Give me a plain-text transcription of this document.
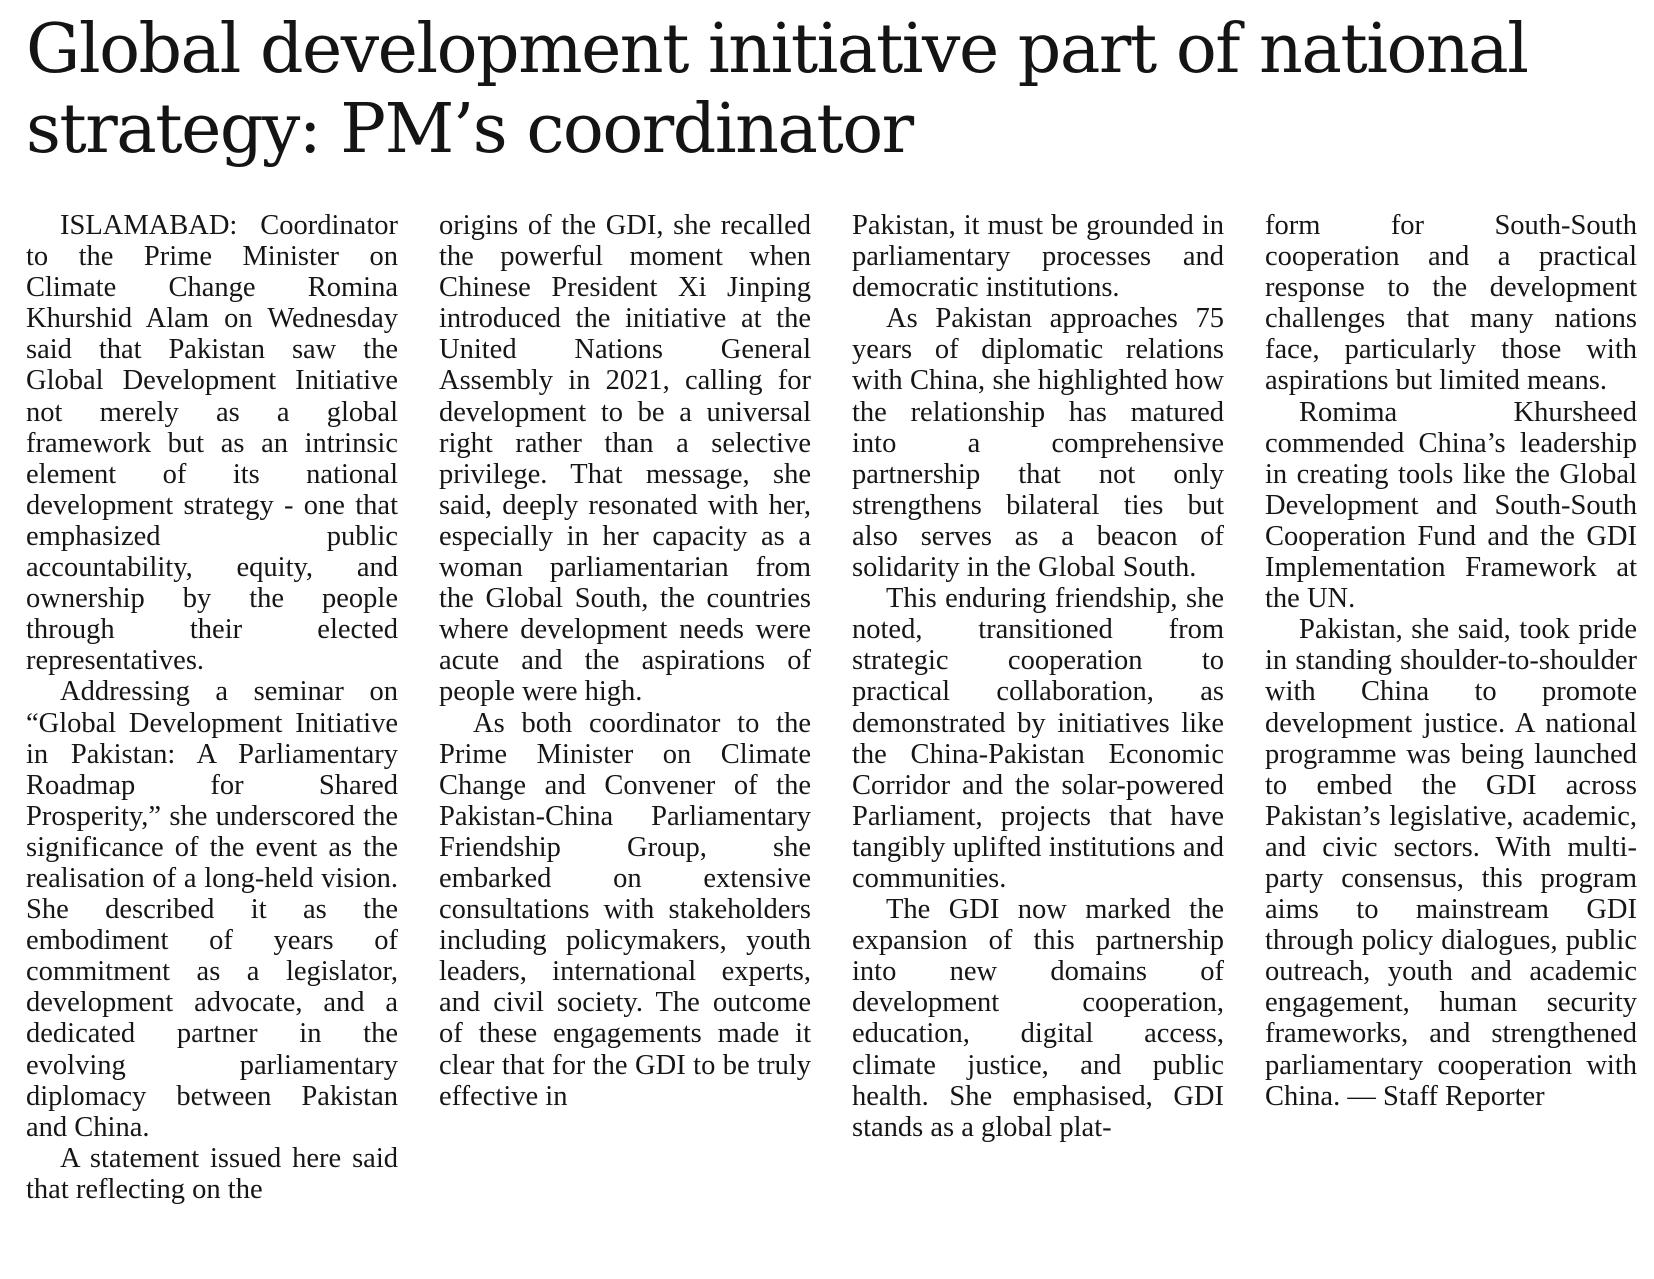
Global development initiative part of national strategy: PM’s coordinator

ISLAMABAD: Coordinator to the Prime Minister on Climate Change Romina Khurshid Alam on Wednesday said that Pakistan saw the Global Development Initiative not merely as a global framework but as an intrinsic element of its national development strategy - one that emphasized public accountability, equity, and ownership by the people through their elected representatives.

Addressing a seminar on “Global Development Initiative in Pakistan: A Parliamentary Roadmap for Shared Prosperity,” she underscored the significance of the event as the realisation of a long-held vision. She described it as the embodiment of years of commitment as a legislator, development advocate, and a dedicated partner in the evolving parliamentary diplomacy between Pakistan and China.

A statement issued here said that reflecting on the

origins of the GDI, she recalled the powerful moment when Chinese President Xi Jinping introduced the initiative at the United Nations General Assembly in 2021, calling for development to be a universal right rather than a selective privilege. That message, she said, deeply resonated with her, especially in her capacity as a woman parliamentarian from the Global South, the countries where development needs were acute and the aspirations of people were high.

As both coordinator to the Prime Minister on Climate Change and Convener of the Pakistan-China Parliamentary Friendship Group, she embarked on extensive consultations with stakeholders including policymakers, youth leaders, international experts, and civil society. The outcome of these engagements made it clear that for the GDI to be truly effective in

Pakistan, it must be grounded in parliamentary processes and democratic institutions.

As Pakistan approaches 75 years of diplomatic relations with China, she highlighted how the relationship has matured into a comprehensive partnership that not only strengthens bilateral ties but also serves as a beacon of solidarity in the Global South.

This enduring friendship, she noted, transitioned from strategic cooperation to practical collaboration, as demonstrated by initiatives like the China-Pakistan Economic Corridor and the solar-powered Parliament, projects that have tangibly uplifted institutions and communities.

The GDI now marked the expansion of this partnership into new domains of development cooperation, education, digital access, climate justice, and public health. She emphasised, GDI stands as a global plat-

form for South-South cooperation and a practical response to the development challenges that many nations face, particularly those with aspirations but limited means.

Romima Khursheed commended China’s leadership in creating tools like the Global Development and South-South Cooperation Fund and the GDI Implementation Framework at the UN.

Pakistan, she said, took pride in standing shoulder-to-shoulder with China to promote development justice. A national programme was being launched to embed the GDI across Pakistan’s legislative, academic, and civic sectors. With multi-party consensus, this program aims to mainstream GDI through policy dialogues, public outreach, youth and academic engagement, human security frameworks, and strengthened parliamentary cooperation with China. — Staff Reporter
